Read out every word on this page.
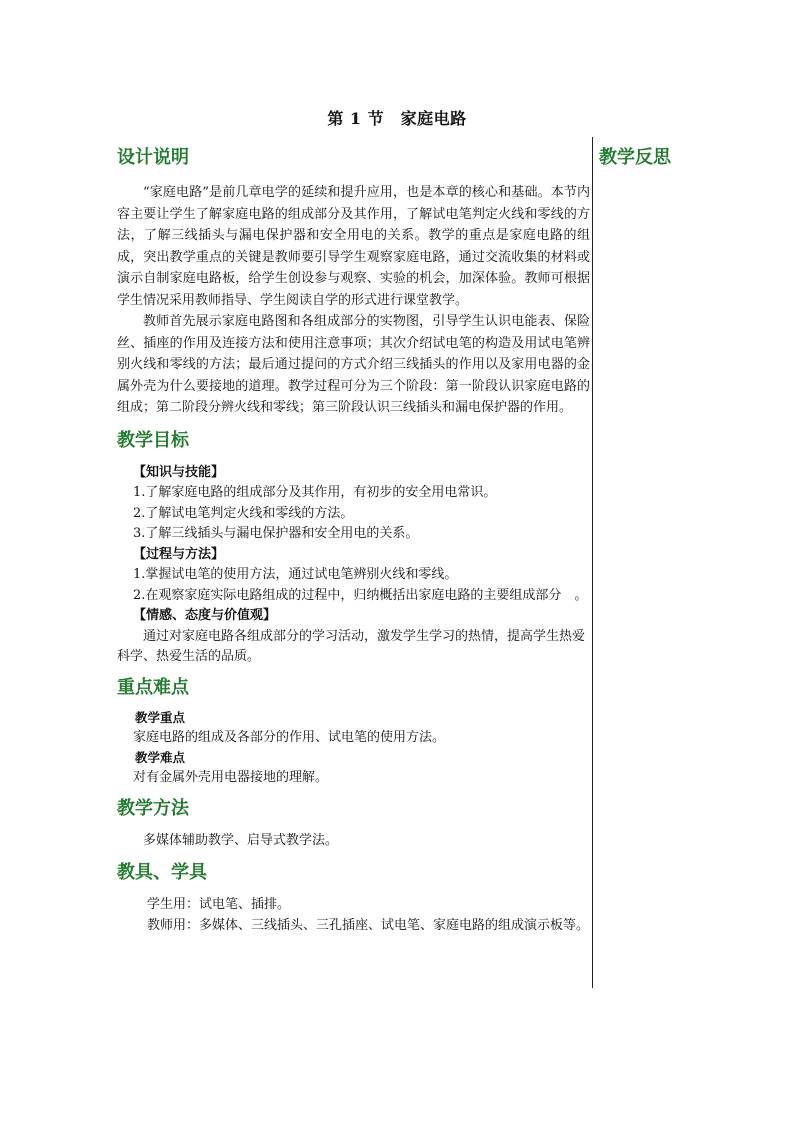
第 1 节　家庭电路
教学反思
设计说明

“家庭电路”是前几章电学的延续和提升应用，也是本章的核心和基础。本节内容主要让学生了解家庭电路的组成部分及其作用，了解试电笔判定火线和零线的方法，了解三线插头与漏电保护器和安全用电的关系。教学的重点是家庭电路的组成，突出教学重点的关键是教师要引导学生观察家庭电路，通过交流收集的材料或演示自制家庭电路板，给学生创设参与观察、实验的机会，加深体验。教师可根据学生情况采用教师指导、学生阅读自学的形式进行课堂教学。

教师首先展示家庭电路图和各组成部分的实物图，引导学生认识电能表、保险丝、插座的作用及连接方法和使用注意事项；其次介绍试电笔的构造及用试电笔辨别火线和零线的方法；最后通过提问的方式介绍三线插头的作用以及家用电器的金属外壳为什么要接地的道理。教学过程可分为三个阶段：第一阶段认识家庭电路的组成；第二阶段分辨火线和零线；第三阶段认识三线插头和漏电保护器的作用。

教学目标

【知识与技能】

1.了解家庭电路的组成部分及其作用，有初步的安全用电常识。

2.了解试电笔判定火线和零线的方法。

3.了解三线插头与漏电保护器和安全用电的关系。

【过程与方法】

1.掌握试电笔的使用方法，通过试电笔辨别火线和零线。

2.在观察家庭实际电路组成的过程中，归纳概括出家庭电路的主要组成部分　。

【情感、态度与价值观】

通过对家庭电路各组成部分的学习活动，激发学生学习的热情，提高学生热爱科学、热爱生活的品质。

重点难点

教学重点

家庭电路的组成及各部分的作用、试电笔的使用方法。

教学难点

对有金属外壳用电器接地的理解。

教学方法

多媒体辅助教学、启导式教学法。

教具、学具

学生用：试电笔、插排。

教师用：多媒体、三线插头、三孔插座、试电笔、家庭电路的组成演示板等。
